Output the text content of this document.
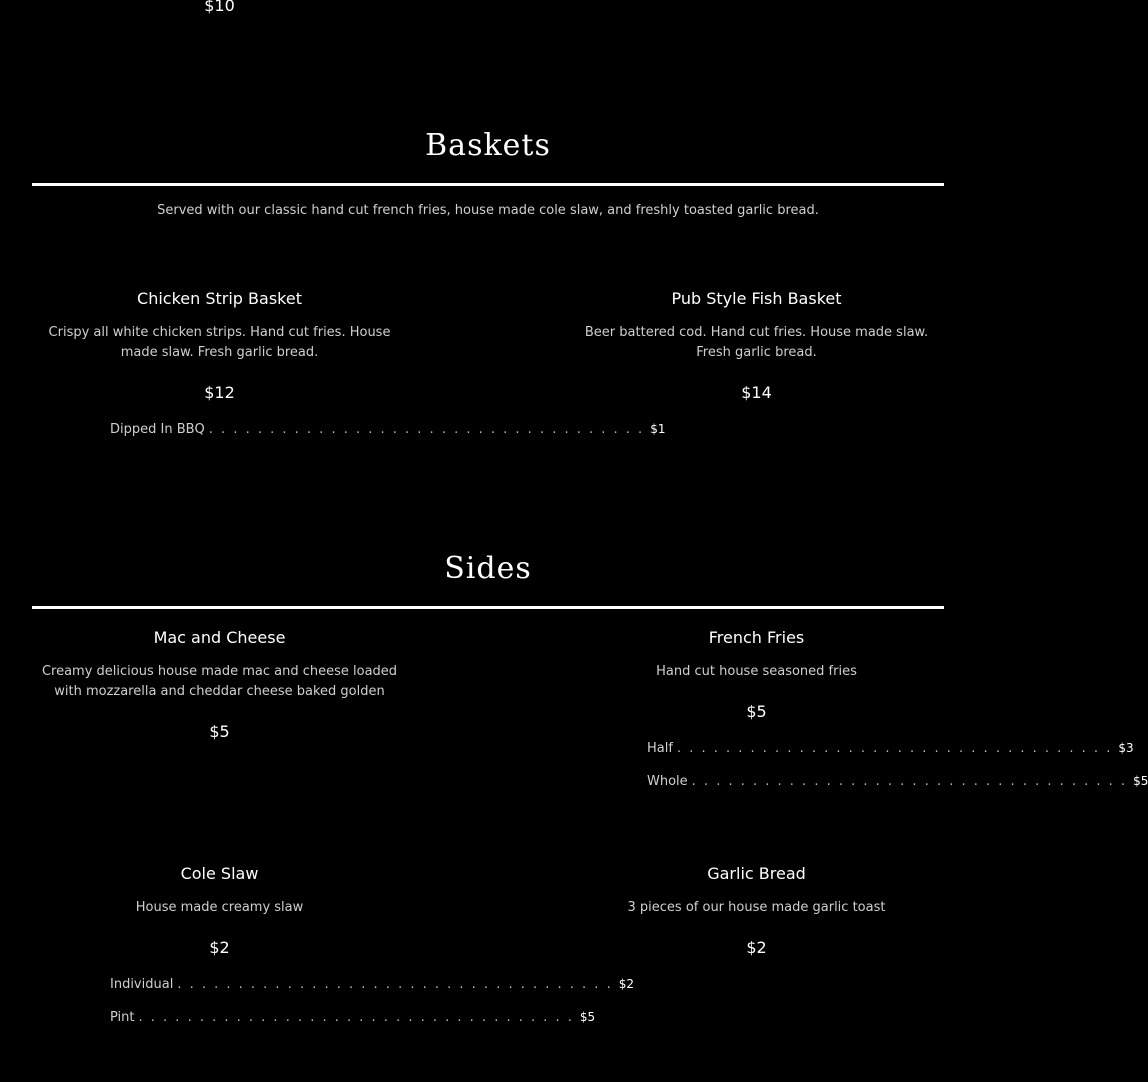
$10
Baskets
Served with our classic hand cut french fries, house made cole slaw, and freshly toasted garlic bread.

Chicken Strip Basket

Crispy all white chicken strips. Hand cut fries. House made slaw. Fresh garlic bread.
$12
Dipped In BBQ . . . . . . . . . . . . . . . . . . . . . . . . . . . . . . . . . . . . $1

Pub Style Fish Basket

Beer battered cod. Hand cut fries. House made slaw. Fresh garlic bread.
$14
Sides

Mac and Cheese

Creamy delicious house made mac and cheese loaded with mozzarella and cheddar cheese baked golden
$5

French Fries

Hand cut house seasoned fries
$5
Half . . . . . . . . . . . . . . . . . . . . . . . . . . . . . . . . . . . . $3
Whole . . . . . . . . . . . . . . . . . . . . . . . . . . . . . . . . . . . . $5

Cole Slaw

House made creamy slaw
$2
Individual . . . . . . . . . . . . . . . . . . . . . . . . . . . . . . . . . . . . $2
Pint . . . . . . . . . . . . . . . . . . . . . . . . . . . . . . . . . . . . $5

Garlic Bread

3 pieces of our house made garlic toast
$2
